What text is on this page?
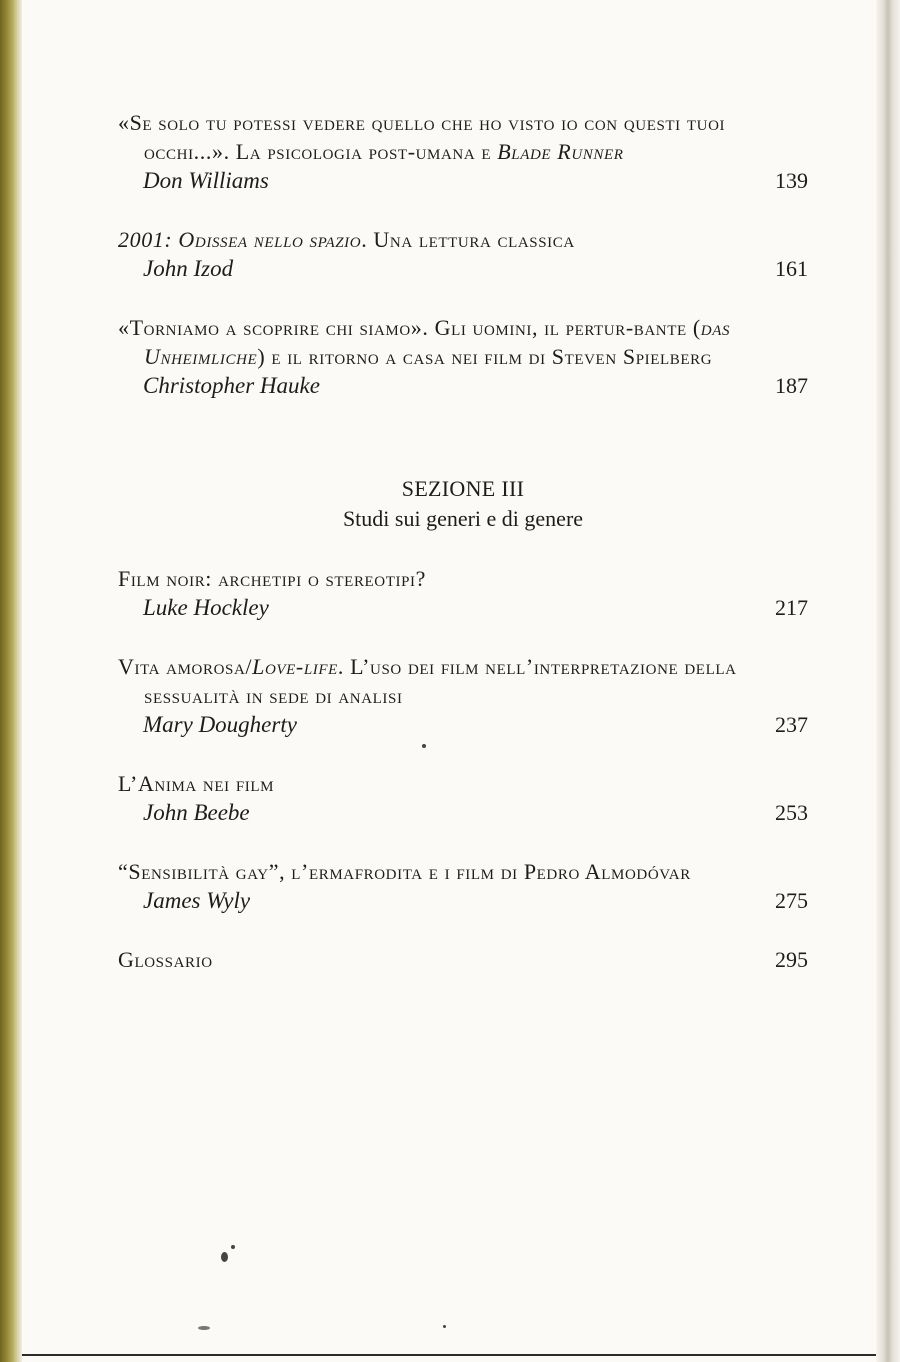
«Se solo tu potessi vedere quello che ho visto io con questi tuoi occhi...». La psicologia post-umana e Blade Runner
Don Williams	139
2001: Odissea nello spazio. Una lettura classica
John Izod	161
«Torniamo a scoprire chi siamo». Gli uomini, il pertur-bante (das Unheimliche) e il ritorno a casa nei film di Steven Spielberg
Christopher Hauke	187
SEZIONE III
Studi sui generi e di genere
Film noir: archetipi o stereotipi?
Luke Hockley	217
Vita amorosa/Love-life. L’uso dei film nell’interpretazione della sessualità in sede di analisi
Mary Dougherty	237
L’Anima nei film
John Beebe	253
“Sensibilità gay”, l’ermafrodita e i film di Pedro Almodóvar
James Wyly	275
Glossario	295
